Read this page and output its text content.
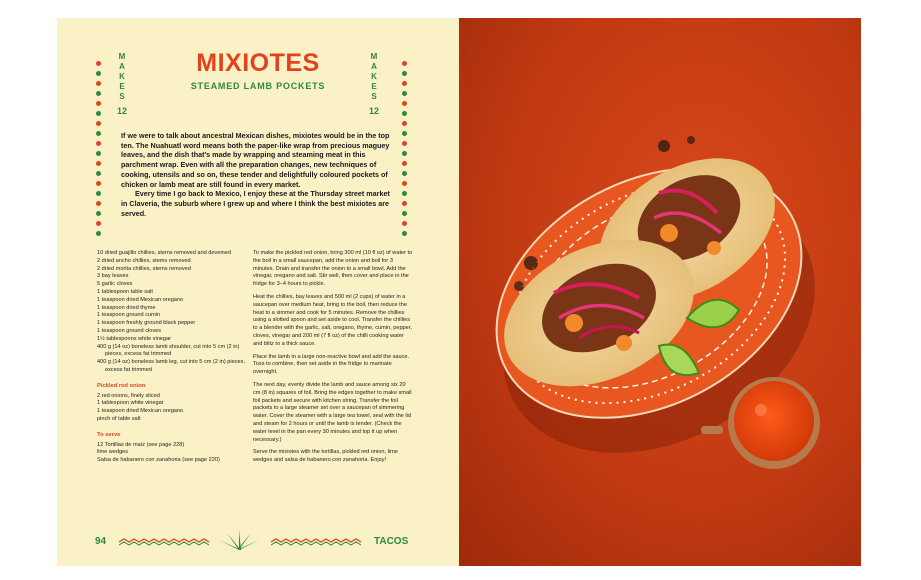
M
A
K
E
S
12
M
A
K
E
S
12
MIXIOTES
STEAMED LAMB POCKETS

If we were to talk about ancestral Mexican dishes, mixiotes would be in the top ten. The Nuahuatl word means both the paper-like wrap from precious maguey leaves, and the dish that's made by wrapping and steaming meat in this parchment wrap. Even with all the preparation changes, new techniques of cooking, utensils and so on, these tender and delightfully coloured pockets of chicken or lamb meat are still found in every market.

Every time I go back to Mexico, I enjoy these at the Thursday street market in Claveria, the suburb where I grew up and where I think the best mixiotes are served.

10 dried guajillo chillies, stems removed and deveined
2 dried ancho chillies, stems removed
2 dried morita chillies, stems removed
3 bay leaves
5 garlic cloves
1 tablespoon table salt
1 teaspoon dried Mexican oregano
1 teaspoon dried thyme
1 teaspoon ground cumin
1 teaspoon freshly ground black pepper
1 teaspoon ground cloves
1½ tablespoons white vinegar
400 g (14 oz) boneless lamb shoulder, cut into 5 cm (2 in) pieces, excess fat trimmed
400 g (14 oz) boneless lamb leg, cut into 5 cm (2 in) pieces, excess fat trimmed
Pickled red onion
2 red onions, finely sliced
1 tablespoon white vinegar
1 teaspoon dried Mexican oregano
pinch of table salt
To serve
12 Tortillas de maíz (see page 228)
lime wedges
Salsa de habanero con zanahoria (see page 220)

To make the pickled red onion, bring 300 ml (10 fl oz) of water to the boil in a small saucepan, add the onion and boil for 3 minutes. Drain and transfer the onion to a small bowl. Add the vinegar, oregano and salt. Stir well, then cover and place in the fridge for 3–4 hours to pickle.

Heat the chillies, bay leaves and 500 ml (2 cups) of water in a saucepan over medium heat, bring to the boil, then reduce the heat to a simmer and cook for 5 minutes. Remove the chillies using a slotted spoon and set aside to cool. Transfer the chillies to a blender with the garlic, salt, oregano, thyme, cumin, pepper, cloves, vinegar and 200 ml (7 fl oz) of the chilli cooking water and blitz to a thick sauce.

Place the lamb in a large non-reactive bowl and add the sauce. Toss to combine, then set aside in the fridge to marinate overnight.

The next day, evenly divide the lamb and sauce among six 20 cm (8 in) squares of foil. Bring the edges together to make small foil packets and secure with kitchen string. Transfer the foil packets to a large steamer set over a saucepan of simmering water. Cover the steamer with a large tea towel, seal with the lid and steam for 2 hours or until the lamb is tender. (Check the water level in the pan every 30 minutes and top it up when necessary.)

Serve the mixiotes with the tortillas, pickled red onion, lime wedges and salsa de habanero con zanahoria. Enjoy!

94	TACOS
